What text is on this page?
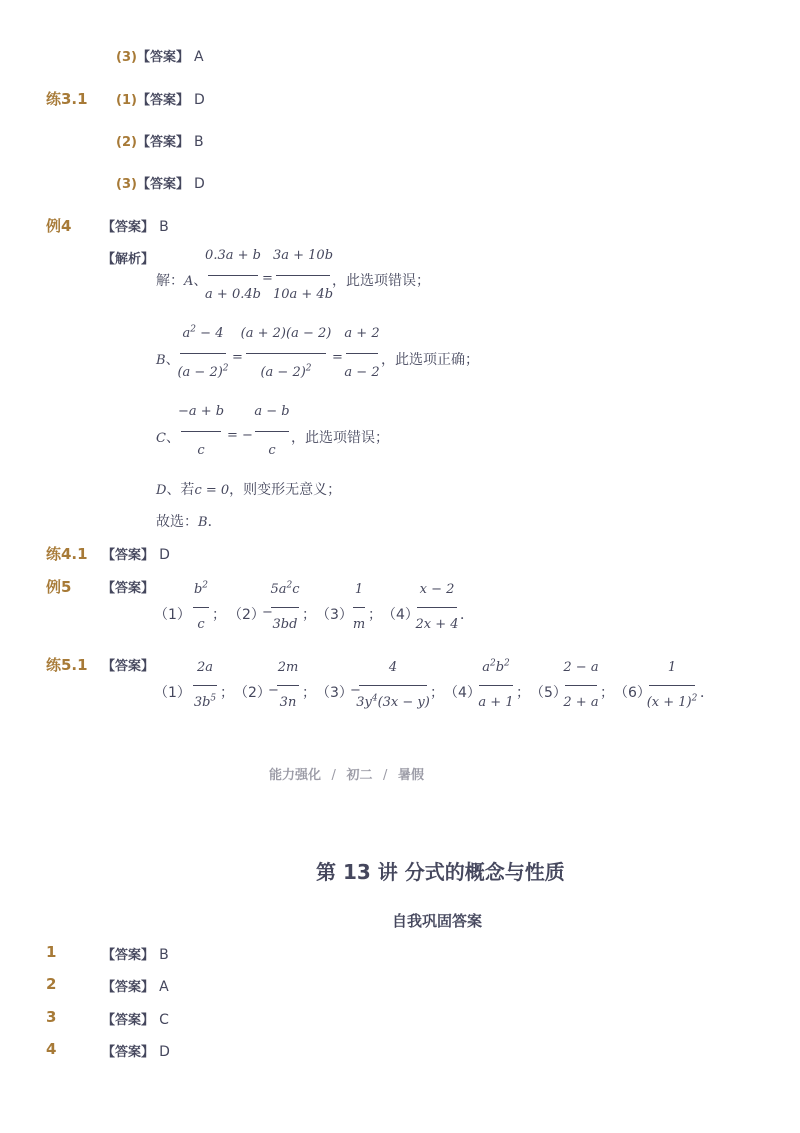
(3)【答案】 A
练3.1 (1)【答案】 D
(2)【答案】 B
(3)【答案】 D
例4 【答案】 B
【解析】
解：A、
0.3a + b
a + 0.4b
=
3a + 10b
10a + 4b
，此选项错误；
B、
$a^2 - 4$
$(a - 2)^2$
=
(a + 2)(a − 2)
$(a - 2)^2$
=
a + 2
a − 2
，此选项正确；
C、
−a + b
c
= −
a − b
c
，此选项错误；
D、若c = 0，则变形无意义；
故选：B．
练4.1 【答案】 D
例5 【答案】
（1）
$b^2$
c
； （2）
−
$5a^2c$
3bd
； （3）
1
m
； （4）
x − 2
2x + 4
．
练5.1 【答案】
（1）
2a
$3b^5$ ； （2）
−
2m
3n
； （3）
−
4
$3y^4(3x - y)$
； （4）
$a^2b^2$
a + 1
； （5）
2 − a
2 + a
； （6）
1
$(x + 1)^2$ ．
能力强化 / 初二 / 暑假
第 13 讲 分式的概念与性质
自我巩固答案
1	【答案】 B
2	【答案】 A
3	【答案】 C
4	【答案】 D
